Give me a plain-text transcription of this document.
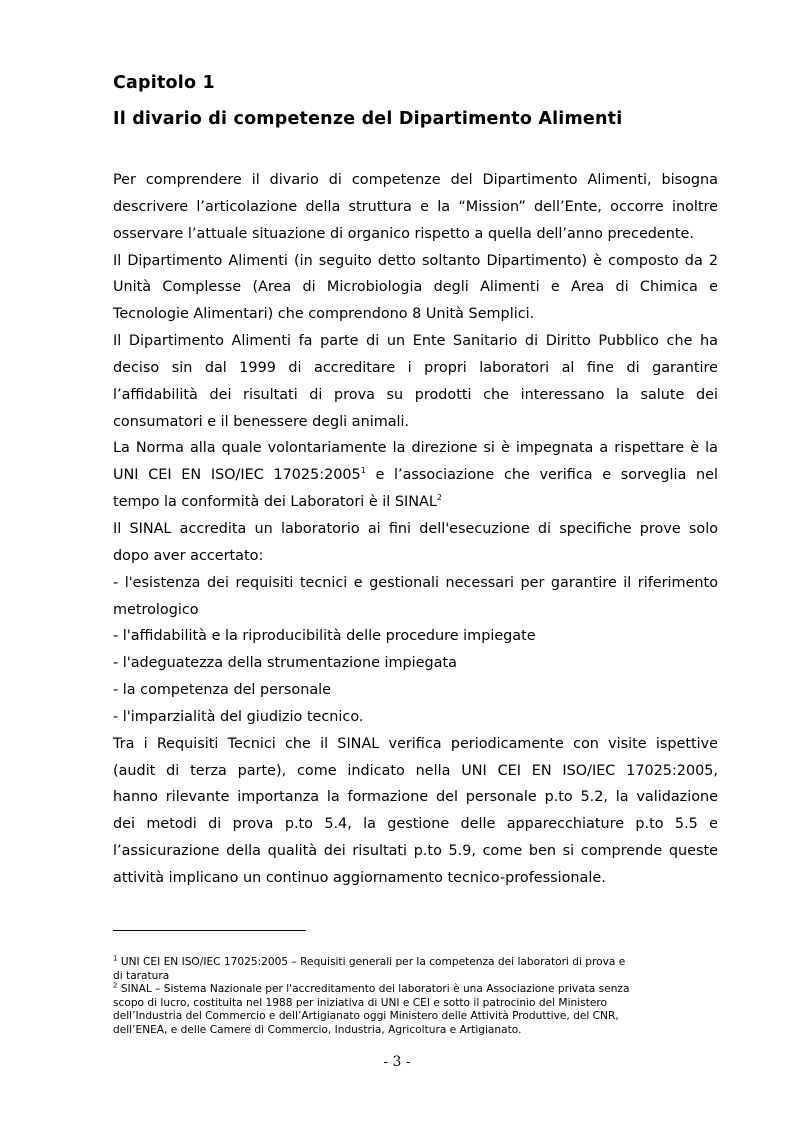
Capitolo 1
Il divario di competenze del Dipartimento Alimenti

Per comprendere il divario di competenze del Dipartimento Alimenti, bisogna

descrivere l’articolazione della struttura e la “Mission” dell’Ente, occorre inoltre

osservare l’attuale situazione di organico rispetto a quella dell’anno precedente.

Il Dipartimento Alimenti (in seguito detto soltanto Dipartimento) è composto da 2

Unità Complesse (Area di Microbiologia degli Alimenti e Area di Chimica e

Tecnologie Alimentari) che comprendono 8 Unità Semplici.

Il Dipartimento Alimenti fa parte di un Ente Sanitario di Diritto Pubblico che ha

deciso sin dal 1999 di accreditare i propri laboratori al fine di garantire

l’affidabilità dei risultati di prova su prodotti che interessano la salute dei

consumatori e il benessere degli animali.

La Norma alla quale volontariamente la direzione si è impegnata a rispettare è la

UNI CEI EN ISO/IEC 17025:2005$^1$ e l’associazione che verifica e sorveglia nel

tempo la conformità dei Laboratori è il SINAL$^2$

Il SINAL accredita un laboratorio ai fini dell'esecuzione di specifiche prove solo

dopo aver accertato:

- l'esistenza dei requisiti tecnici e gestionali necessari per garantire il riferimento

metrologico

- l'affidabilità e la riproducibilità delle procedure impiegate

- l'adeguatezza della strumentazione impiegata

- la competenza del personale

- l'imparzialità del giudizio tecnico.

Tra i Requisiti Tecnici che il SINAL verifica periodicamente con visite ispettive

(audit di terza parte), come indicato nella UNI CEI EN ISO/IEC 17025:2005,

hanno rilevante importanza la formazione del personale p.to 5.2, la validazione

dei metodi di prova p.to 5.4, la gestione delle apparecchiature p.to 5.5 e

l’assicurazione della qualità dei risultati p.to 5.9, come ben si comprende queste

attività implicano un continuo aggiornamento tecnico-professionale.

$^1$ UNI CEI EN ISO/IEC 17025:2005 – Requisiti generali per la competenza dei laboratori di prova e

di taratura

$^2$ SINAL – Sistema Nazionale per l'accreditamento dei laboratori è una Associazione privata senza

scopo di lucro, costituita nel 1988 per iniziativa di UNI e CEI e sotto il patrocinio del Ministero

dell’Industria del Commercio e dell’Artigianato oggi Ministero delle Attività Produttive, del CNR,

dell’ENEA, e delle Camere di Commercio, Industria, Agricoltura e Artigianato.

- 3 -
